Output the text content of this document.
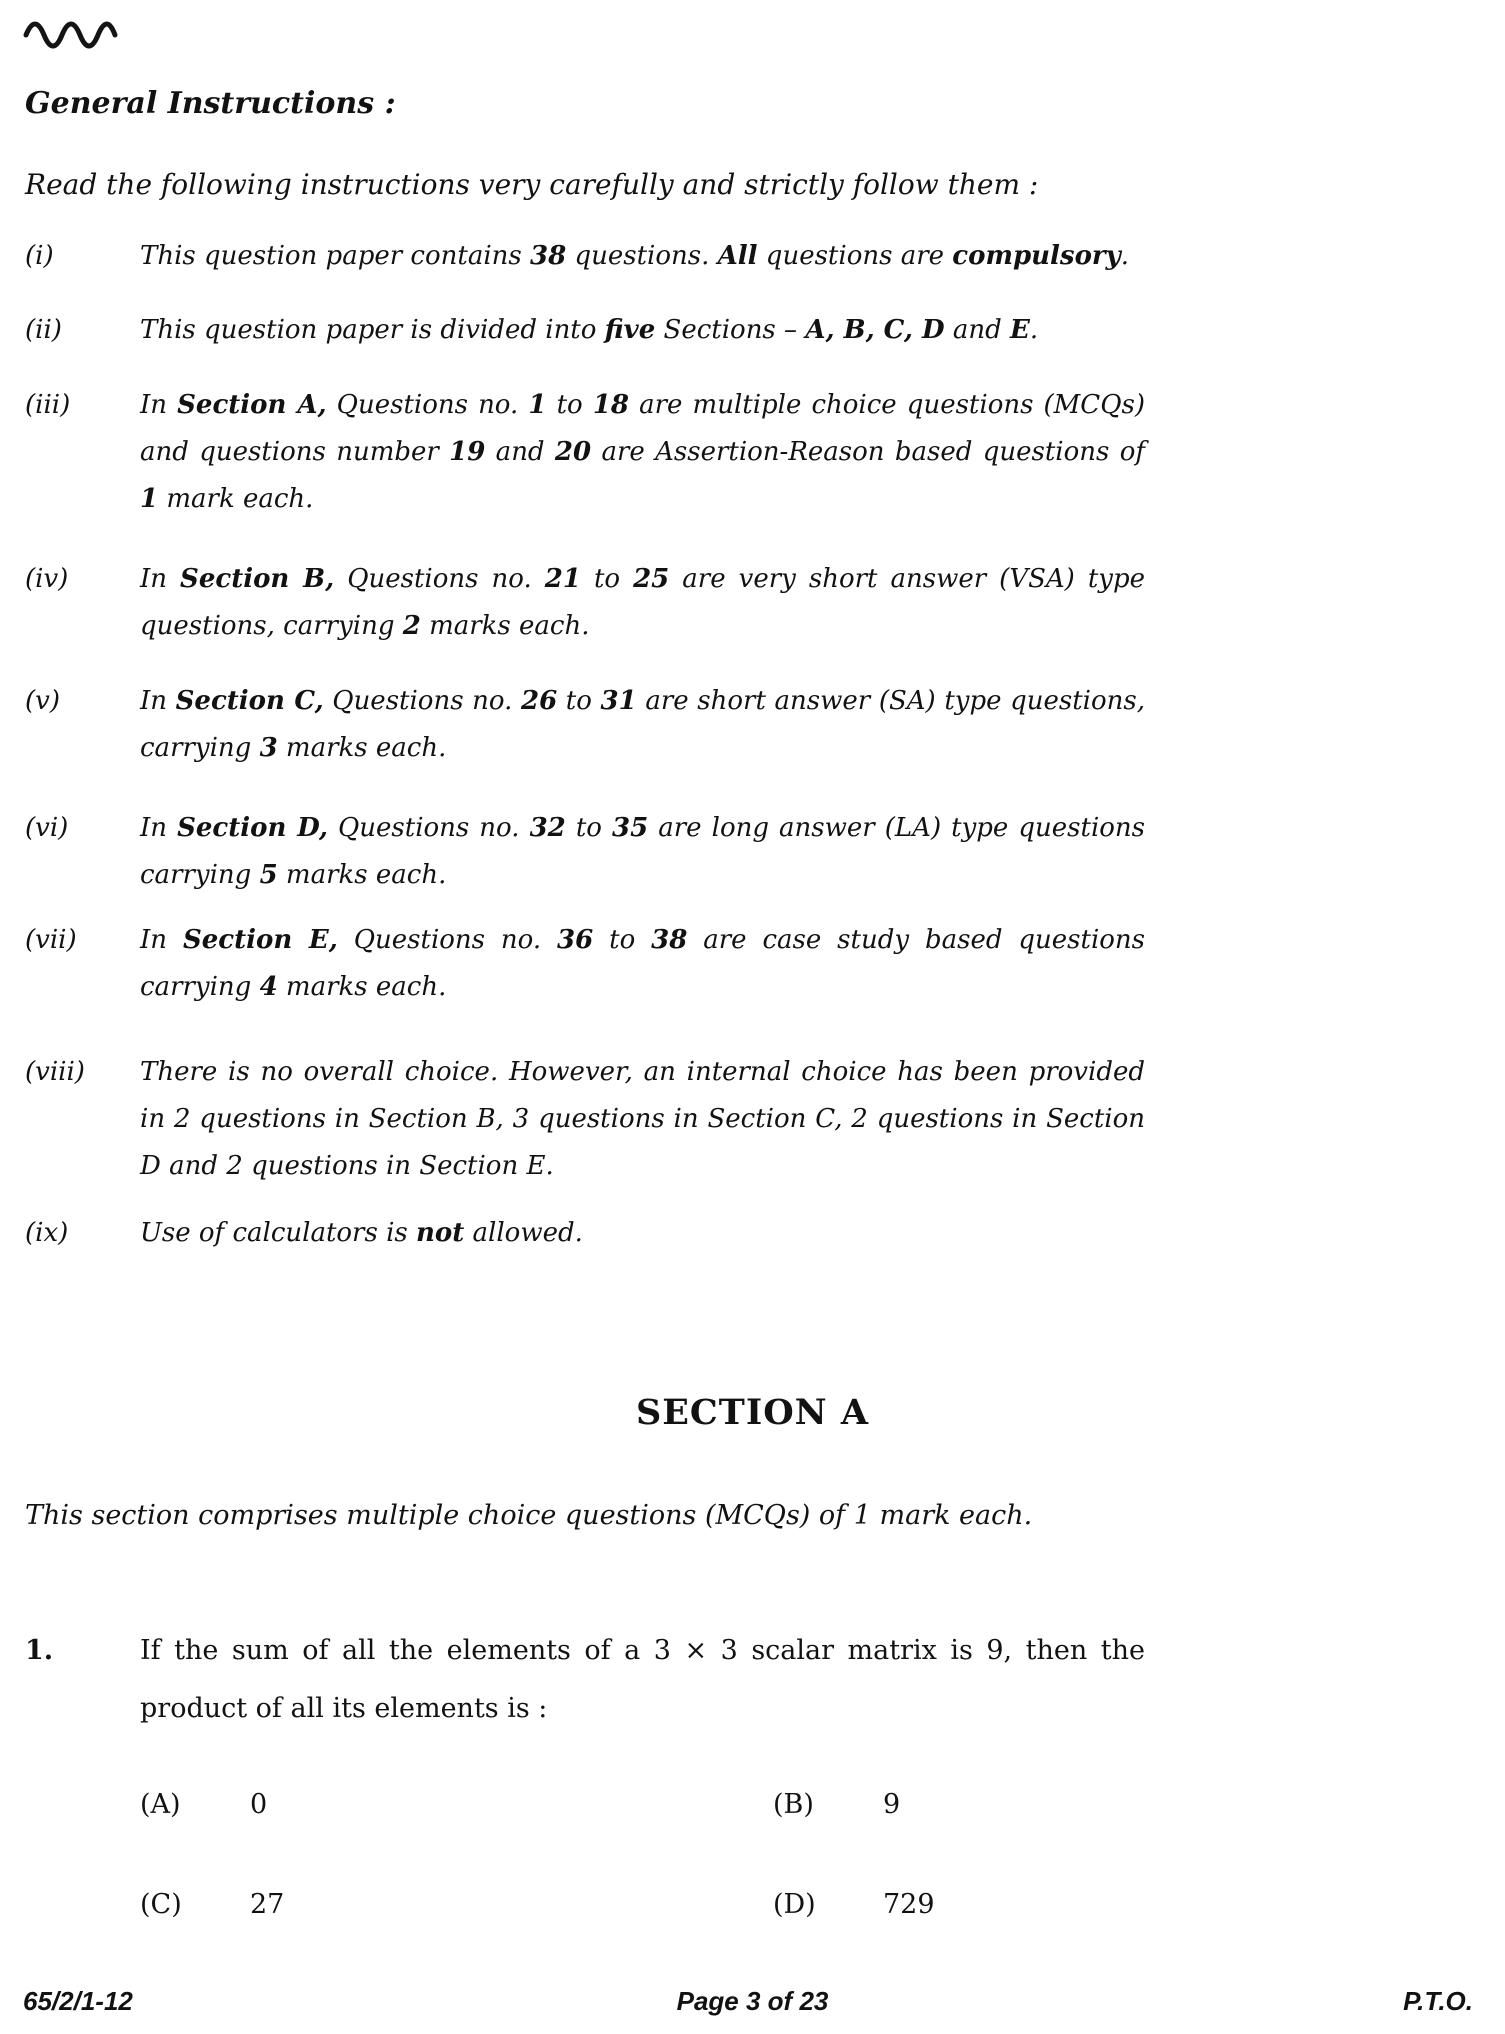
General Instructions :
Read the following instructions very carefully and strictly follow them :
(i)	This question paper contains 38 questions. All questions are compulsory.
(ii)	This question paper is divided into five Sections – A, B, C, D and E.
(iii)	In Section A, Questions no. 1 to 18 are multiple choice questions (MCQs) and questions number 19 and 20 are Assertion-Reason based questions of 1 mark each.
(iv)	In Section B, Questions no. 21 to 25 are very short answer (VSA) type questions, carrying 2 marks each.
(v)	In Section C, Questions no. 26 to 31 are short answer (SA) type questions, carrying 3 marks each.
(vi)	In Section D, Questions no. 32 to 35 are long answer (LA) type questions carrying 5 marks each.
(vii)	In Section E, Questions no. 36 to 38 are case study based questions carrying 4 marks each.
(viii)	There is no overall choice. However, an internal choice has been provided in 2 questions in Section B, 3 questions in Section C, 2 questions in Section D and 2 questions in Section E.
(ix)	Use of calculators is not allowed.
SECTION A
This section comprises multiple choice questions (MCQs) of 1 mark each.
1.	If the sum of all the elements of a 3 × 3 scalar matrix is 9, then the
product of all its elements is :
(A)	0	(B)	9
(C)	27	(D)	729
65/2/1-12	Page 3 of 23	P.T.O.
